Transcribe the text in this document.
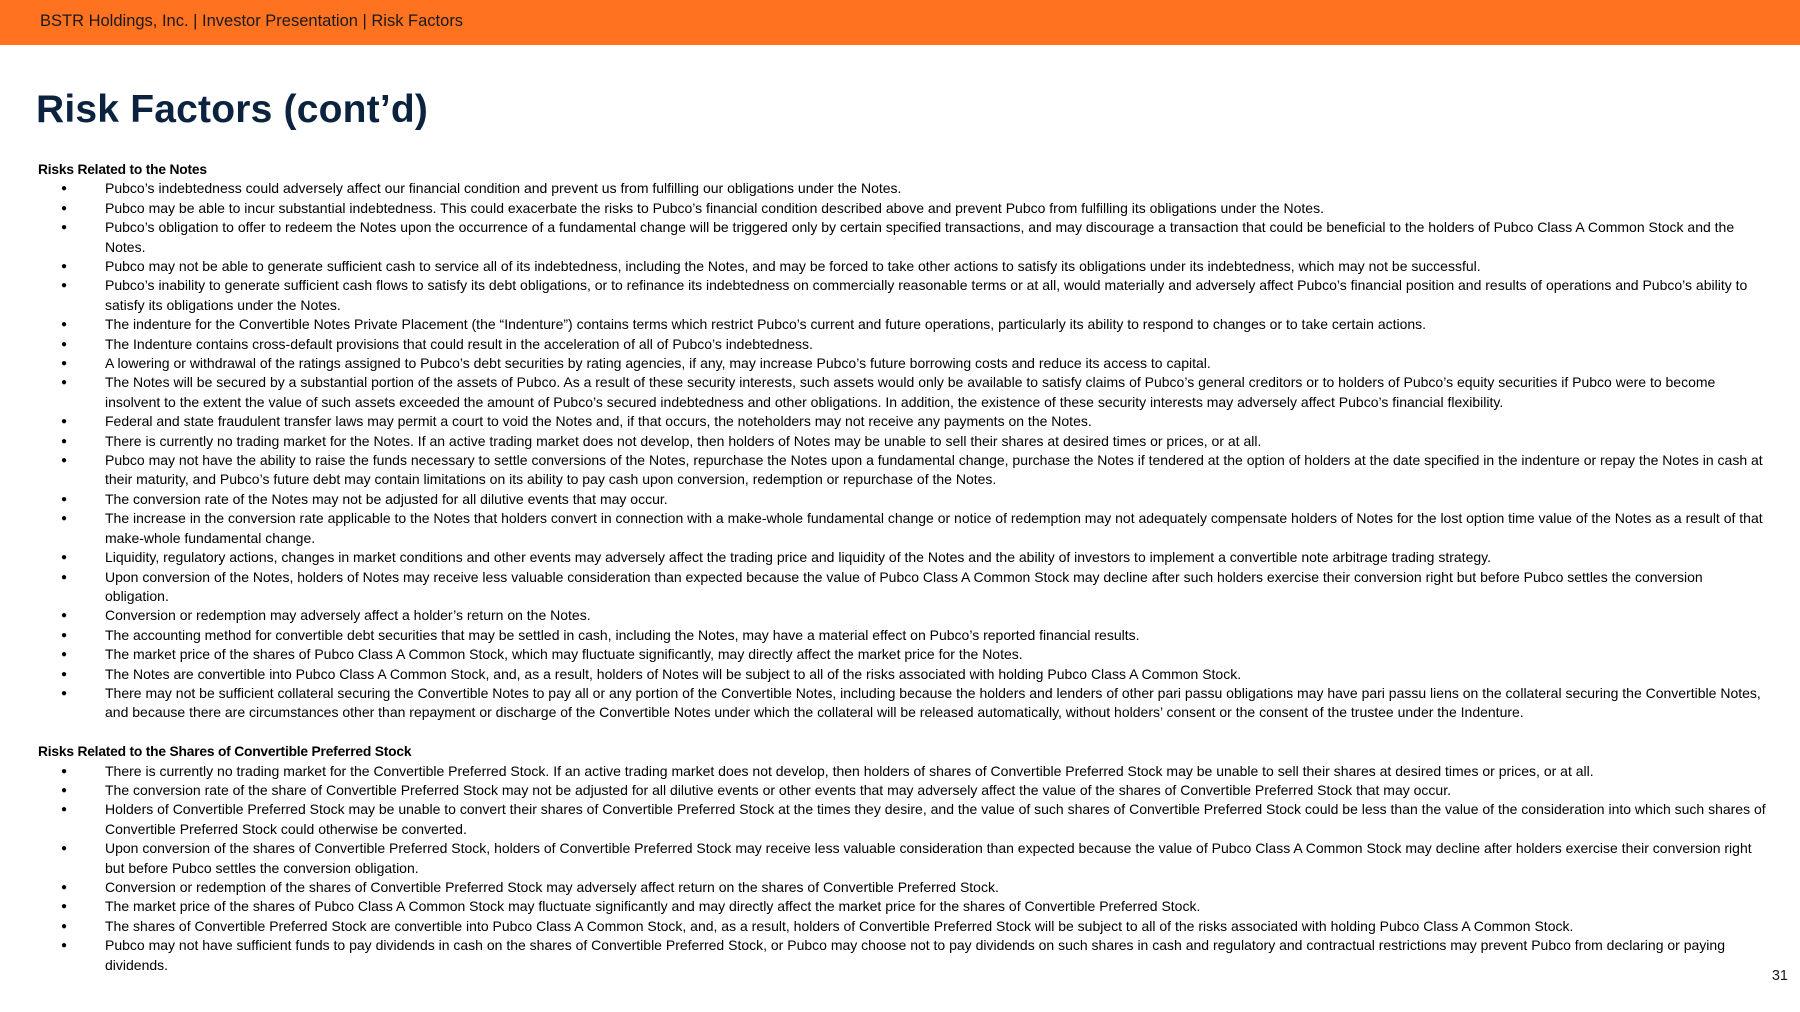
BSTR Holdings, Inc. | Investor Presentation | Risk Factors
Risk Factors (cont’d)
Risks Related to the Notes
● Pubco’s indebtedness could adversely affect our financial condition and prevent us from fulfilling our obligations under the Notes.
● Pubco may be able to incur substantial indebtedness. This could exacerbate the risks to Pubco’s financial condition described above and prevent Pubco from fulfilling its obligations under the Notes.
● Pubco’s obligation to offer to redeem the Notes upon the occurrence of a fundamental change will be triggered only by certain specified transactions, and may discourage a transaction that could be beneficial to the holders of Pubco Class A Common Stock and the Notes.
● Pubco may not be able to generate sufficient cash to service all of its indebtedness, including the Notes, and may be forced to take other actions to satisfy its obligations under its indebtedness, which may not be successful.
● Pubco’s inability to generate sufficient cash flows to satisfy its debt obligations, or to refinance its indebtedness on commercially reasonable terms or at all, would materially and adversely affect Pubco’s financial position and results of operations and Pubco’s ability to satisfy its obligations under the Notes.
● The indenture for the Convertible Notes Private Placement (the “Indenture”) contains terms which restrict Pubco’s current and future operations, particularly its ability to respond to changes or to take certain actions.
● The Indenture contains cross-default provisions that could result in the acceleration of all of Pubco’s indebtedness.
● A lowering or withdrawal of the ratings assigned to Pubco’s debt securities by rating agencies, if any, may increase Pubco’s future borrowing costs and reduce its access to capital.
● The Notes will be secured by a substantial portion of the assets of Pubco. As a result of these security interests, such assets would only be available to satisfy claims of Pubco’s general creditors or to holders of Pubco’s equity securities if Pubco were to become insolvent to the extent the value of such assets exceeded the amount of Pubco’s secured indebtedness and other obligations. In addition, the existence of these security interests may adversely affect Pubco’s financial flexibility.
● Federal and state fraudulent transfer laws may permit a court to void the Notes and, if that occurs, the noteholders may not receive any payments on the Notes.
● There is currently no trading market for the Notes. If an active trading market does not develop, then holders of Notes may be unable to sell their shares at desired times or prices, or at all.
● Pubco may not have the ability to raise the funds necessary to settle conversions of the Notes, repurchase the Notes upon a fundamental change, purchase the Notes if tendered at the option of holders at the date specified in the indenture or repay the Notes in cash at their maturity, and Pubco’s future debt may contain limitations on its ability to pay cash upon conversion, redemption or repurchase of the Notes.
● The conversion rate of the Notes may not be adjusted for all dilutive events that may occur.
● The increase in the conversion rate applicable to the Notes that holders convert in connection with a make-whole fundamental change or notice of redemption may not adequately compensate holders of Notes for the lost option time value of the Notes as a result of that make-whole fundamental change.
● Liquidity, regulatory actions, changes in market conditions and other events may adversely affect the trading price and liquidity of the Notes and the ability of investors to implement a convertible note arbitrage trading strategy.
● Upon conversion of the Notes, holders of Notes may receive less valuable consideration than expected because the value of Pubco Class A Common Stock may decline after such holders exercise their conversion right but before Pubco settles the conversion obligation.
● Conversion or redemption may adversely affect a holder’s return on the Notes.
● The accounting method for convertible debt securities that may be settled in cash, including the Notes, may have a material effect on Pubco’s reported financial results.
● The market price of the shares of Pubco Class A Common Stock, which may fluctuate significantly, may directly affect the market price for the Notes.
● The Notes are convertible into Pubco Class A Common Stock, and, as a result, holders of Notes will be subject to all of the risks associated with holding Pubco Class A Common Stock.
● There may not be sufficient collateral securing the Convertible Notes to pay all or any portion of the Convertible Notes, including because the holders and lenders of other pari passu obligations may have pari passu liens on the collateral securing the Convertible Notes, and because there are circumstances other than repayment or discharge of the Convertible Notes under which the collateral will be released automatically, without holders’ consent or the consent of the trustee under the Indenture.
Risks Related to the Shares of Convertible Preferred Stock
● There is currently no trading market for the Convertible Preferred Stock. If an active trading market does not develop, then holders of shares of Convertible Preferred Stock may be unable to sell their shares at desired times or prices, or at all.
● The conversion rate of the share of Convertible Preferred Stock may not be adjusted for all dilutive events or other events that may adversely affect the value of the shares of Convertible Preferred Stock that may occur.
● Holders of Convertible Preferred Stock may be unable to convert their shares of Convertible Preferred Stock at the times they desire, and the value of such shares of Convertible Preferred Stock could be less than the value of the consideration into which such shares of Convertible Preferred Stock could otherwise be converted.
● Upon conversion of the shares of Convertible Preferred Stock, holders of Convertible Preferred Stock may receive less valuable consideration than expected because the value of Pubco Class A Common Stock may decline after holders exercise their conversion right but before Pubco settles the conversion obligation.
● Conversion or redemption of the shares of Convertible Preferred Stock may adversely affect return on the shares of Convertible Preferred Stock.
● The market price of the shares of Pubco Class A Common Stock may fluctuate significantly and may directly affect the market price for the shares of Convertible Preferred Stock.
● The shares of Convertible Preferred Stock are convertible into Pubco Class A Common Stock, and, as a result, holders of Convertible Preferred Stock will be subject to all of the risks associated with holding Pubco Class A Common Stock.
● Pubco may not have sufficient funds to pay dividends in cash on the shares of Convertible Preferred Stock, or Pubco may choose not to pay dividends on such shares in cash and regulatory and contractual restrictions may prevent Pubco from declaring or paying dividends.
31
